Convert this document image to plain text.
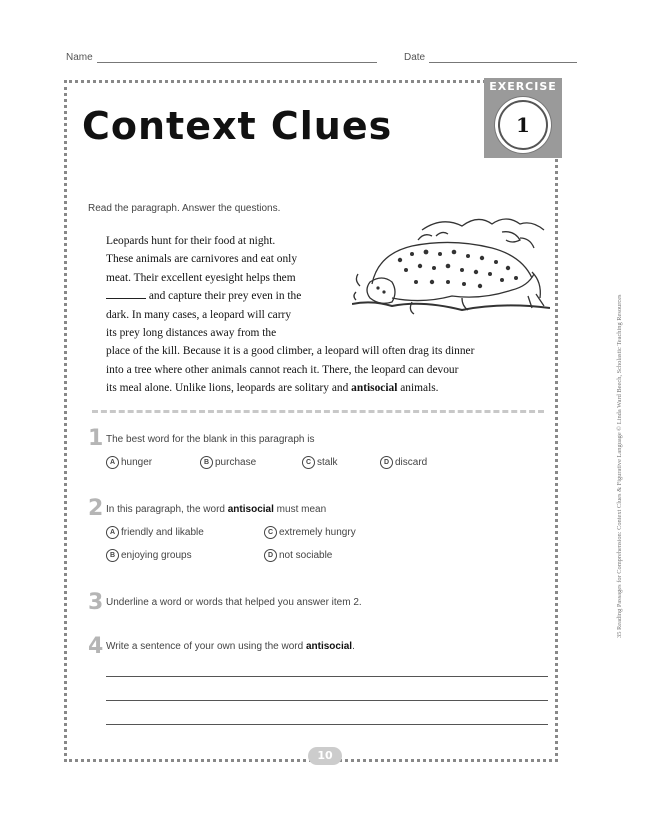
Name	Date
EXERCISE
1
Context Clues
Read the paragraph. Answer the questions.
Leopards hunt for their food at night.
These animals are carnivores and eat only
meat. Their excellent eyesight helps them
and capture their prey even in the
dark. In many cases, a leopard will carry
its prey long distances away from the
place of the kill. Because it is a good climber, a leopard will often drag its dinner
into a tree where other animals cannot reach it. There, the leopard can devour
its meal alone. Unlike lions, leopards are solitary and antisocial animals.
1 The best word for the blank in this paragraph is
A hunger	B purchase	C stalk	D discard
2 In this paragraph, the word antisocial must mean
A friendly and likable	C extremely hungry
B enjoying groups	D not sociable
3 Underline a word or words that helped you answer item 2.
4 Write a sentence of your own using the word antisocial.
10
35 Reading Passages for Comprehension: Context Clues & Figurative Language © Linda Ward Beech, Scholastic Teaching Resources
